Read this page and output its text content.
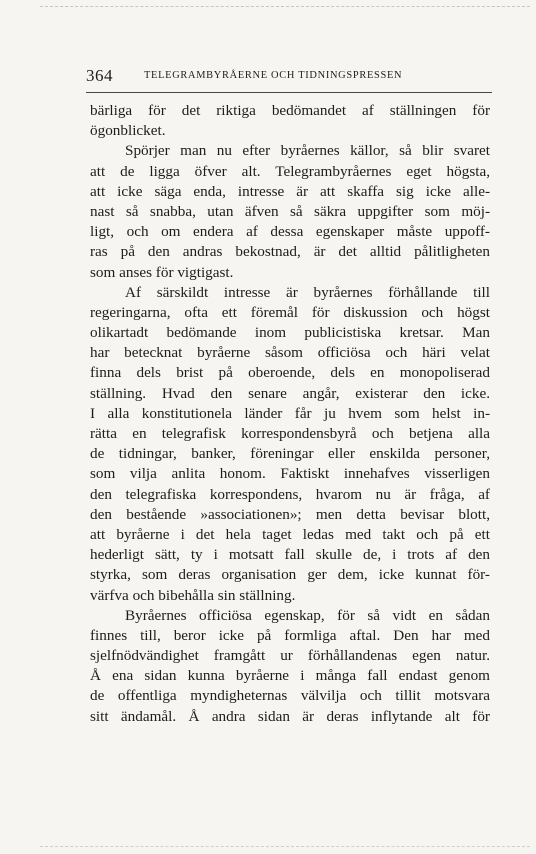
364	TELEGRAMBYRÅERNE OCH TIDNINGSPRESSEN
bärliga för det riktiga bedömandet af ställningen för
ögonblicket.
Spörjer man nu efter byråernes källor, så blir svaret
att de ligga öfver alt. Telegrambyråernes eget högsta,
att icke säga enda, intresse är att skaffa sig icke alle-
nast så snabba, utan äfven så säkra uppgifter som möj-
ligt, och om endera af dessa egenskaper måste uppoff-
ras på den andras bekostnad, är det alltid pålitligheten
som anses för vigtigast.
Af särskildt intresse är byråernes förhållande till
regeringarna, ofta ett föremål för diskussion och högst
olikartadt bedömande inom publicistiska kretsar. Man
har betecknat byråerne såsom officiösa och häri velat
finna dels brist på oberoende, dels en monopoliserad
ställning. Hvad den senare angår, existerar den icke.
I alla konstitutionela länder får ju hvem som helst in-
rätta en telegrafisk korrespondensbyrå och betjena alla
de tidningar, banker, föreningar eller enskilda personer,
som vilja anlita honom. Faktiskt innehafves visserligen
den telegrafiska korrespondens, hvarom nu är fråga, af
den bestående »associationen»; men detta bevisar blott,
att byråerne i det hela taget ledas med takt och på ett
hederligt sätt, ty i motsatt fall skulle de, i trots af den
styrka, som deras organisation ger dem, icke kunnat för-
värfva och bibehålla sin ställning.
Byråernes officiösa egenskap, för så vidt en sådan
finnes till, beror icke på formliga aftal. Den har med
sjelfnödvändighet framgått ur förhållandenas egen natur.
Å ena sidan kunna byråerne i många fall endast genom
de offentliga myndigheternas välvilja och tillit motsvara
sitt ändamål. Å andra sidan är deras inflytande alt för
